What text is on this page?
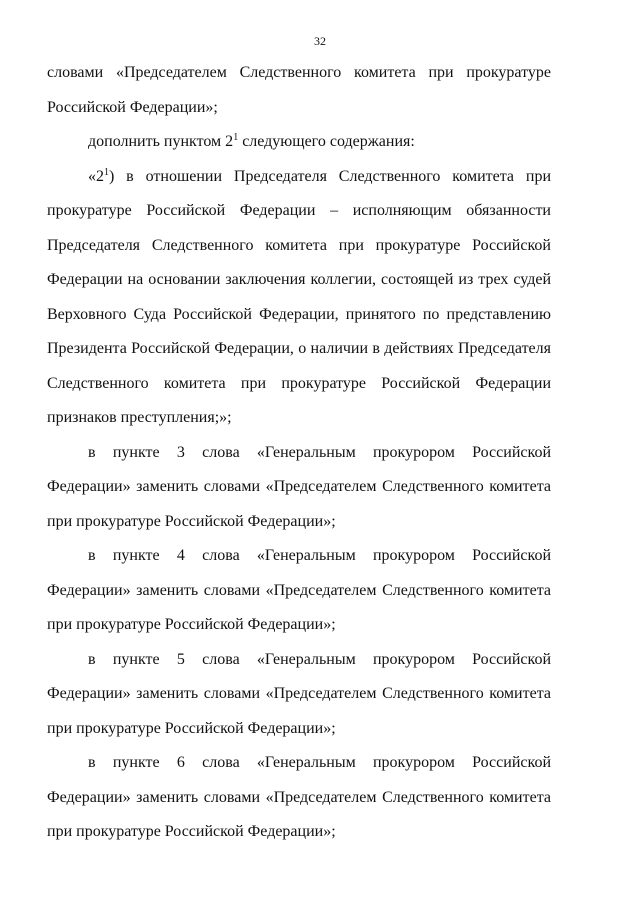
32

словами «Председателем Следственного комитета при прокуратуре Российской Федерации»;

дополнить пунктом $2^1$ следующего содержания:

«$2^1$) в отношении Председателя Следственного комитета при прокуратуре Российской Федерации – исполняющим обязанности Председателя Следственного комитета при прокуратуре Российской Федерации на основании заключения коллегии, состоящей из трех судей Верховного Суда Российской Федерации, принятого по представлению Президента Российской Федерации, о наличии в действиях Председателя Следственного комитета при прокуратуре Российской Федерации признаков преступления;»;

в пункте 3 слова «Генеральным прокурором Российской Федерации» заменить словами «Председателем Следственного комитета при прокуратуре Российской Федерации»;

в пункте 4 слова «Генеральным прокурором Российской Федерации» заменить словами «Председателем Следственного комитета при прокуратуре Российской Федерации»;

в пункте 5 слова «Генеральным прокурором Российской Федерации» заменить словами «Председателем Следственного комитета при прокуратуре Российской Федерации»;

в пункте 6 слова «Генеральным прокурором Российской Федерации» заменить словами «Председателем Следственного комитета при прокуратуре Российской Федерации»;
